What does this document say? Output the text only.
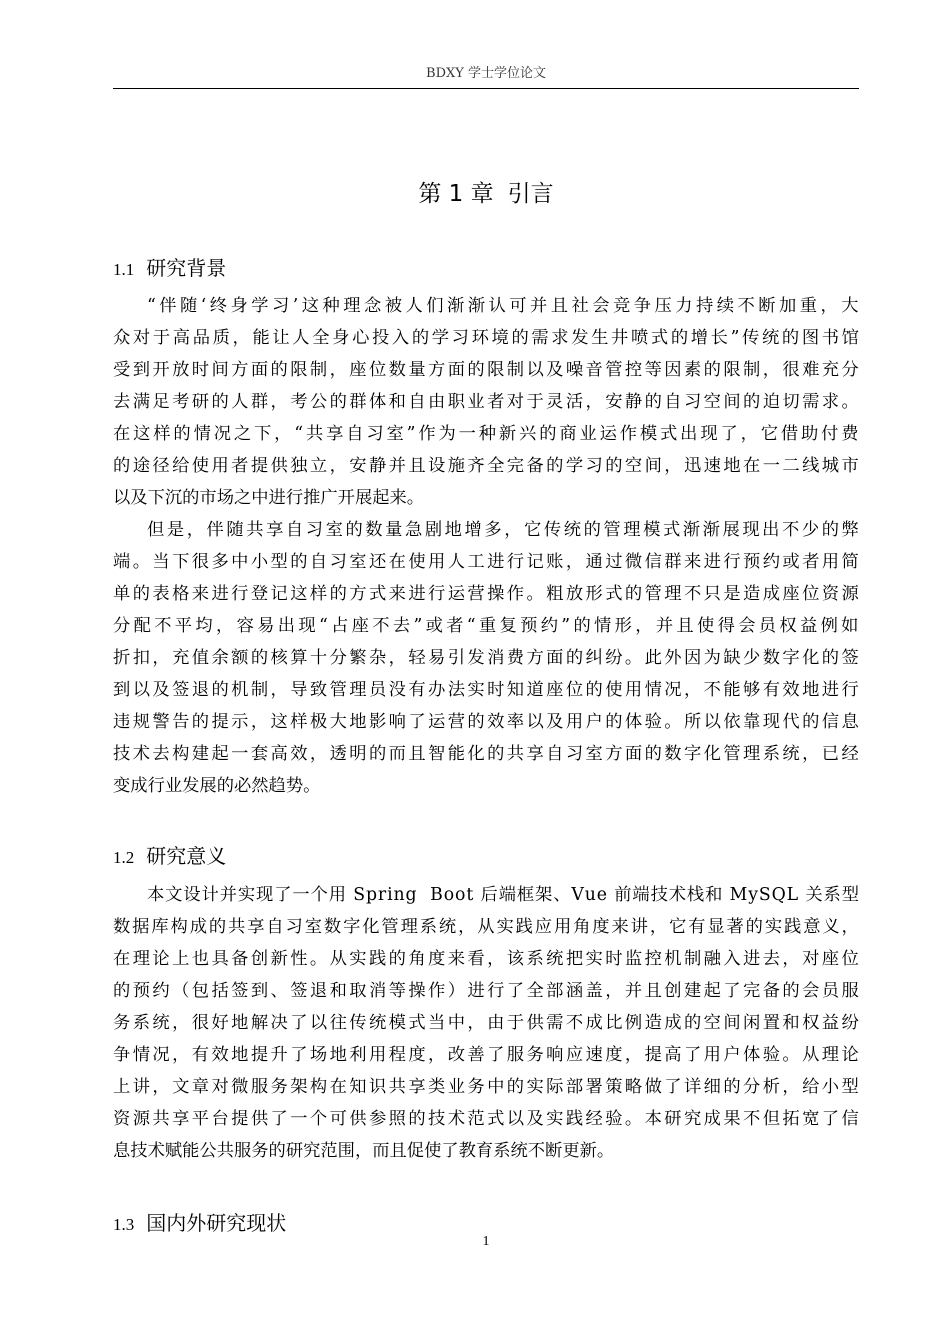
BDXY 学士学位论文
第 1 章 引言
1.1 研究背景
“ 伴 随 ‘ 终 身 学 习 ’ 这 种 理 念 被 人 们 渐 渐 认 可 并 且 社 会 竞 争 压 力 持 续 不 断 加 重 ， 大
众 对 于 高 品 质 ， 能 让 人 全 身 心 投 入 的 学 习 环 境 的 需 求 发 生 井 喷 式 的 增 长 ” 传 统 的 图 书 馆
受 到 开 放 时 间 方 面 的 限 制 ， 座 位 数 量 方 面 的 限 制 以 及 噪 音 管 控 等 因 素 的 限 制 ， 很 难 充 分
去 满 足 考 研 的 人 群 ， 考 公 的 群 体 和 自 由 职 业 者 对 于 灵 活 ， 安 静 的 自 习 空 间 的 迫 切 需 求 。
在 这 样 的 情 况 之 下 ， “ 共 享 自 习 室 ” 作 为 一 种 新 兴 的 商 业 运 作 模 式 出 现 了 ， 它 借 助 付 费
的 途 径 给 使 用 者 提 供 独 立 ， 安 静 并 且 设 施 齐 全 完 备 的 学 习 的 空 间 ， 迅 速 地 在 一 二 线 城 市
以及下沉的市场之中进行推广开展起来。
但 是 ， 伴 随 共 享 自 习 室 的 数 量 急 剧 地 增 多 ， 它 传 统 的 管 理 模 式 渐 渐 展 现 出 不 少 的 弊
端 。 当 下 很 多 中 小 型 的 自 习 室 还 在 使 用 人 工 进 行 记 账 ， 通 过 微 信 群 来 进 行 预 约 或 者 用 简
单 的 表 格 来 进 行 登 记 这 样 的 方 式 来 进 行 运 营 操 作 。 粗 放 形 式 的 管 理 不 只 是 造 成 座 位 资 源
分 配 不 平 均 ， 容 易 出 现 “ 占 座 不 去 ” 或 者 “ 重 复 预 约 ” 的 情 形 ， 并 且 使 得 会 员 权 益 例 如
折 扣 ， 充 值 余 额 的 核 算 十 分 繁 杂 ， 轻 易 引 发 消 费 方 面 的 纠 纷 。 此 外 因 为 缺 少 数 字 化 的 签
到 以 及 签 退 的 机 制 ， 导 致 管 理 员 没 有 办 法 实 时 知 道 座 位 的 使 用 情 况 ， 不 能 够 有 效 地 进 行
违 规 警 告 的 提 示 ， 这 样 极 大 地 影 响 了 运 营 的 效 率 以 及 用 户 的 体 验 。 所 以 依 靠 现 代 的 信 息
技 术 去 构 建 起 一 套 高 效 ， 透 明 的 而 且 智 能 化 的 共 享 自 习 室 方 面 的 数 字 化 管 理 系 统 ， 已 经
变成行业发展的必然趋势。
1.2 研究意义
本 文 设 计 并 实 现 了 一 个 用
S p r i n g

B o o t
后 端 框 架 、 V u e
前 端 技 术 栈 和
M y S Q L
关 系 型
数 据 库 构 成 的 共 享 自 习 室 数 字 化 管 理 系 统 ， 从 实 践 应 用 角 度 来 讲 ， 它 有 显 著 的 实 践 意 义 ，
在 理 论 上 也 具 备 创 新 性 。 从 实 践 的 角 度 来 看 ， 该 系 统 把 实 时 监 控 机 制 融 入 进 去 ， 对 座 位
的 预 约 （ 包 括 签 到 、 签 退 和 取 消 等 操 作 ） 进 行 了 全 部 涵 盖 ， 并 且 创 建 起 了 完 备 的 会 员 服
务 系 统 ， 很 好 地 解 决 了 以 往 传 统 模 式 当 中 ， 由 于 供 需 不 成 比 例 造 成 的 空 间 闲 置 和 权 益 纷
争 情 况 ， 有 效 地 提 升 了 场 地 利 用 程 度 ， 改 善 了 服 务 响 应 速 度 ， 提 高 了 用 户 体 验 。 从 理 论
上 讲 ， 文 章 对 微 服 务 架 构 在 知 识 共 享 类 业 务 中 的 实 际 部 署 策 略 做 了 详 细 的 分 析 ， 给 小 型
资 源 共 享 平 台 提 供 了 一 个 可 供 参 照 的 技 术 范 式 以 及 实 践 经 验 。 本 研 究 成 果 不 但 拓 宽 了 信
息技术赋能公共服务的研究范围，而且促使了教育系统不断更新。
1.3 国内外研究现状
1
